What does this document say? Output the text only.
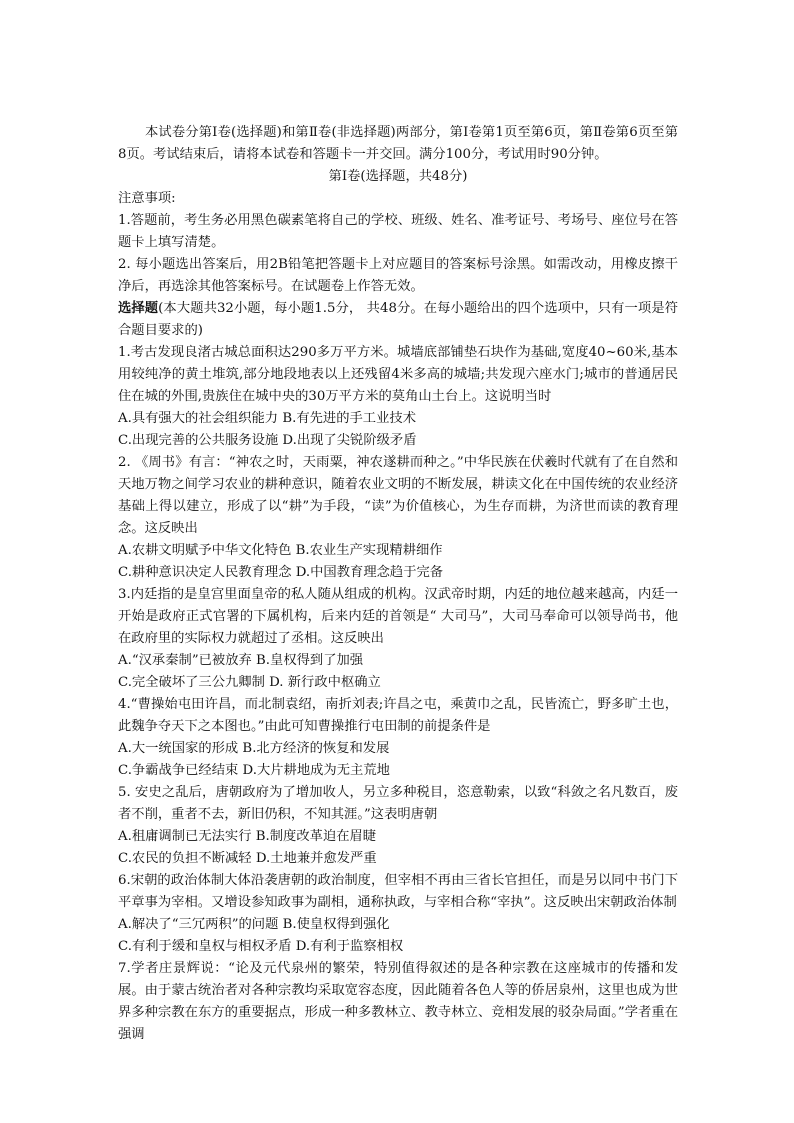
本试卷分第Ⅰ卷(选择题)和第Ⅱ卷(非选择题)两部分，第Ⅰ卷第1页至第6页，第Ⅱ卷第6页至第8页。考试结束后，请将本试卷和答题卡一并交回。满分100分，考试用时90分钟。

第Ⅰ卷(选择题，共48分)

注意事项:

1.答题前，考生务必用黑色碳素笔将自己的学校、班级、姓名、准考证号、考场号、座位号在答题卡上填写清楚。

2. 每小题选出答案后，用2B铅笔把答题卡上对应题目的答案标号涂黑。如需改动，用橡皮擦干净后，再选涂其他答案标号。在试题卷上作答无效。

选择题(本大题共32小题，每小题1.5分， 共48分。在每小题给出的四个选项中，只有一项是符合题目要求的)

1.考古发现良渚古城总面积达290多万平方米。城墙底部铺垫石块作为基础,宽度40~60米,基本用较纯净的黄土堆筑,部分地段地表以上还残留4米多高的城墙;共发现六座水门;城市的普通居民住在城的外围,贵族住在城中央的30万平方米的莫角山土台上。这说明当时

A.具有强大的社会组织能力 B.有先进的手工业技术

C.出现完善的公共服务设施 D.出现了尖锐阶级矛盾

2. 《周书》有言：“神农之时，天雨粟，神农遂耕而种之。”中华民族在伏羲时代就有了在自然和天地万物之间学习农业的耕种意识，随着农业文明的不断发展，耕读文化在中国传统的农业经济基础上得以建立，形成了以“耕”为手段，“读”为价值核心，为生存而耕，为济世而读的教育理念。这反映出

A.农耕文明赋予中华文化特色 B.农业生产实现精耕细作

C.耕种意识决定人民教育理念 D.中国教育理念趋于完备

3.内廷指的是皇宫里面皇帝的私人随从组成的机构。汉武帝时期，内廷的地位越来越高，内廷一开始是政府正式官署的下属机构，后来内廷的首领是“ 大司马”，大司马奉命可以领导尚书，他在政府里的实际权力就超过了丞相。这反映出

A.“汉承秦制”已被放弃 B.皇权得到了加强

C.完全破坏了三公九卿制 D. 新行政中枢确立

4.“曹操始屯田许昌，而北制袁绍，南折刘表;许昌之屯，乘黄巾之乱，民皆流亡，野多旷土也，此魏争夺天下之本图也。”由此可知曹操推行屯田制的前提条件是

A.大一统国家的形成 B.北方经济的恢复和发展

C.争霸战争已经结束 D.大片耕地成为无主荒地

5. 安史之乱后，唐朝政府为了增加收人，另立多种税目，恣意勒索，以致“科敛之名凡数百，废者不削，重者不去，新旧仍积，不知其涯。”这表明唐朝

A.租庸调制已无法实行 B.制度改革迫在眉睫

C.农民的负担不断减轻 D.土地兼并愈发严重

6.宋朝的政治体制大体沿袭唐朝的政治制度，但宰相不再由三省长官担任，而是另以同中书门下平章事为宰相。又增设参知政事为副相，通称执政，与宰相合称“宰执”。这反映出宋朝政治体制

A.解决了“三冗两积”的问题 B.使皇权得到强化

C.有利于缓和皇权与相权矛盾 D.有利于监察相权

7.学者庄景辉说：“论及元代泉州的繁荣，特别值得叙述的是各种宗教在这座城市的传播和发展。由于蒙古统治者对各种宗教均采取宽容态度，因此随着各色人等的侨居泉州，这里也成为世界多种宗教在东方的重要据点，形成一种多教林立、教寺林立、竞相发展的驳杂局面。”学者重在强调
